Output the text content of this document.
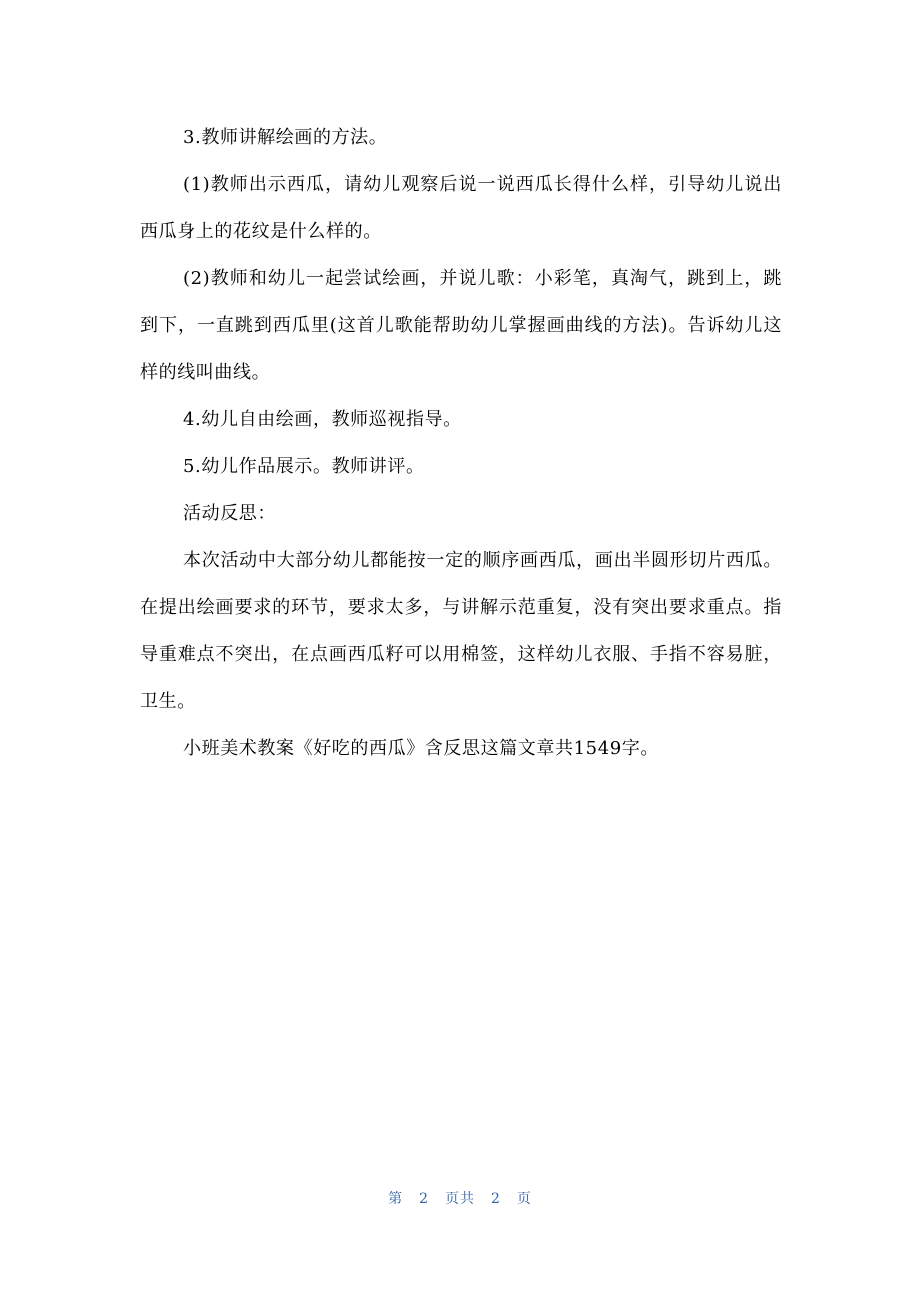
3.教师讲解绘画的方法。

(1)教师出示西瓜，请幼儿观察后说一说西瓜长得什么样，引导幼儿说出西瓜身上的花纹是什么样的。

(2)教师和幼儿一起尝试绘画，并说儿歌：小彩笔，真淘气，跳到上，跳到下，一直跳到西瓜里(这首儿歌能帮助幼儿掌握画曲线的方法)。告诉幼儿这样的线叫曲线。

4.幼儿自由绘画，教师巡视指导。

5.幼儿作品展示。教师讲评。

活动反思：

本次活动中大部分幼儿都能按一定的顺序画西瓜，画出半圆形切片西瓜。在提出绘画要求的环节，要求太多，与讲解示范重复，没有突出要求重点。指导重难点不突出，在点画西瓜籽可以用棉签，这样幼儿衣服、手指不容易脏，卫生。

小班美术教案《好吃的西瓜》含反思这篇文章共1549字。

第 2 页共 2 页
